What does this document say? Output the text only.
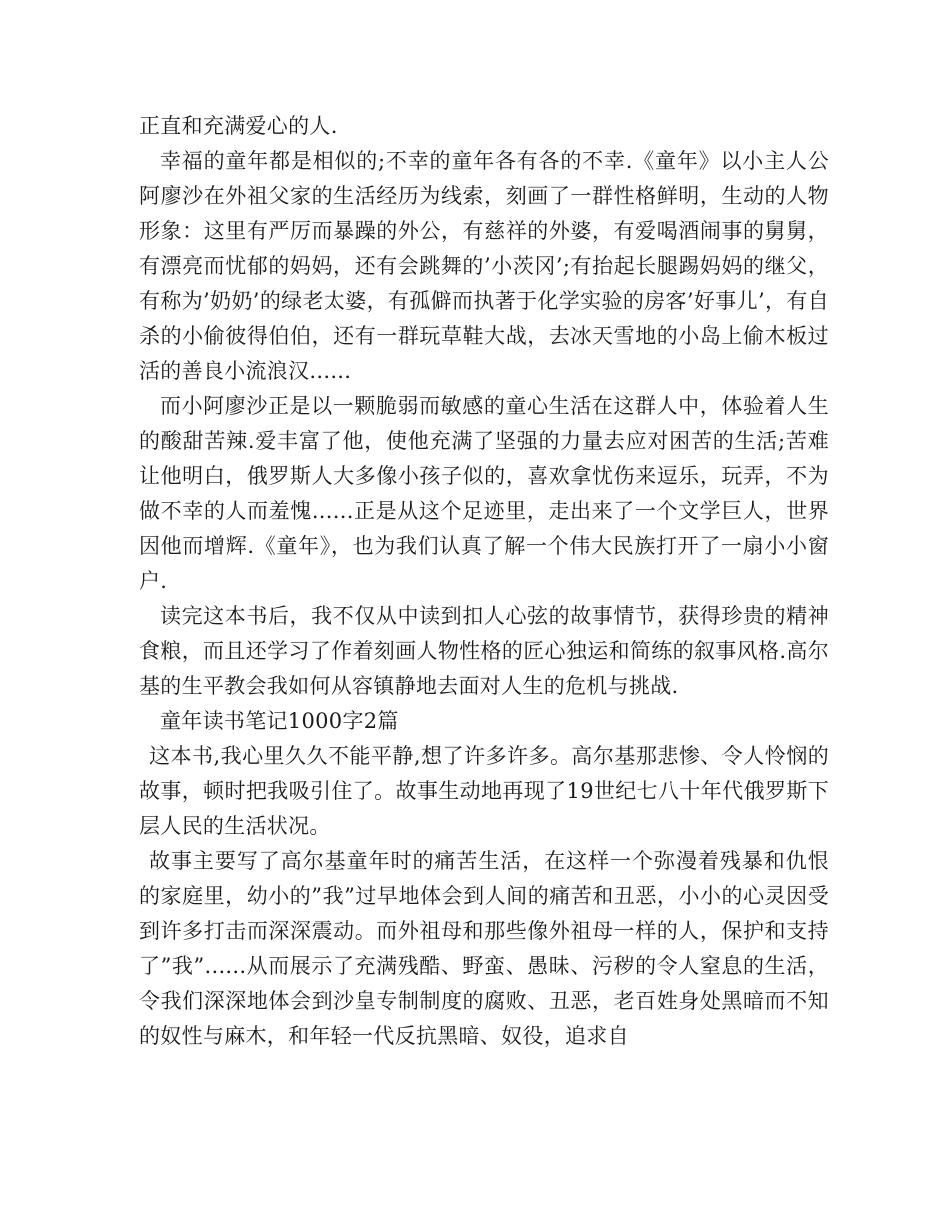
正直和充满爱心的人.

幸福的童年都是相似的;不幸的童年各有各的不幸.《童年》以小主人公阿廖沙在外祖父家的生活经历为线索，刻画了一群性格鲜明，生动的人物形象：这里有严厉而暴躁的外公，有慈祥的外婆，有爱喝酒闹事的舅舅，有漂亮而忧郁的妈妈，还有会跳舞的’小茨冈’;有抬起长腿踢妈妈的继父，有称为’奶奶’的绿老太婆，有孤僻而执著于化学实验的房客’好事儿’，有自杀的小偷彼得伯伯，还有一群玩草鞋大战，去冰天雪地的小岛上偷木板过活的善良小流浪汉......

而小阿廖沙正是以一颗脆弱而敏感的童心生活在这群人中，体验着人生的酸甜苦辣.爱丰富了他，使他充满了坚强的力量去应对困苦的生活;苦难让他明白，俄罗斯人大多像小孩子似的，喜欢拿忧伤来逗乐，玩弄，不为做不幸的人而羞愧......正是从这个足迹里，走出来了一个文学巨人，世界因他而增辉.《童年》，也为我们认真了解一个伟大民族打开了一扇小小窗户.

读完这本书后，我不仅从中读到扣人心弦的故事情节，获得珍贵的精神食粮，而且还学习了作着刻画人物性格的匠心独运和简练的叙事风格.高尔基的生平教会我如何从容镇静地去面对人生的危机与挑战.

童年读书笔记1000字2篇

这本书,我心里久久不能平静,想了许多许多。高尔基那悲惨、令人怜悯的故事，顿时把我吸引住了。故事生动地再现了19世纪七八十年代俄罗斯下层人民的生活状况。

故事主要写了高尔基童年时的痛苦生活，在这样一个弥漫着残暴和仇恨的家庭里，幼小的”我”过早地体会到人间的痛苦和丑恶，小小的心灵因受到许多打击而深深震动。而外祖母和那些像外祖母一样的人，保护和支持了”我”......从而展示了充满残酷、野蛮、愚昧、污秽的令人窒息的生活，令我们深深地体会到沙皇专制制度的腐败、丑恶，老百姓身处黑暗而不知的奴性与麻木，和年轻一代反抗黑暗、奴役，追求自
